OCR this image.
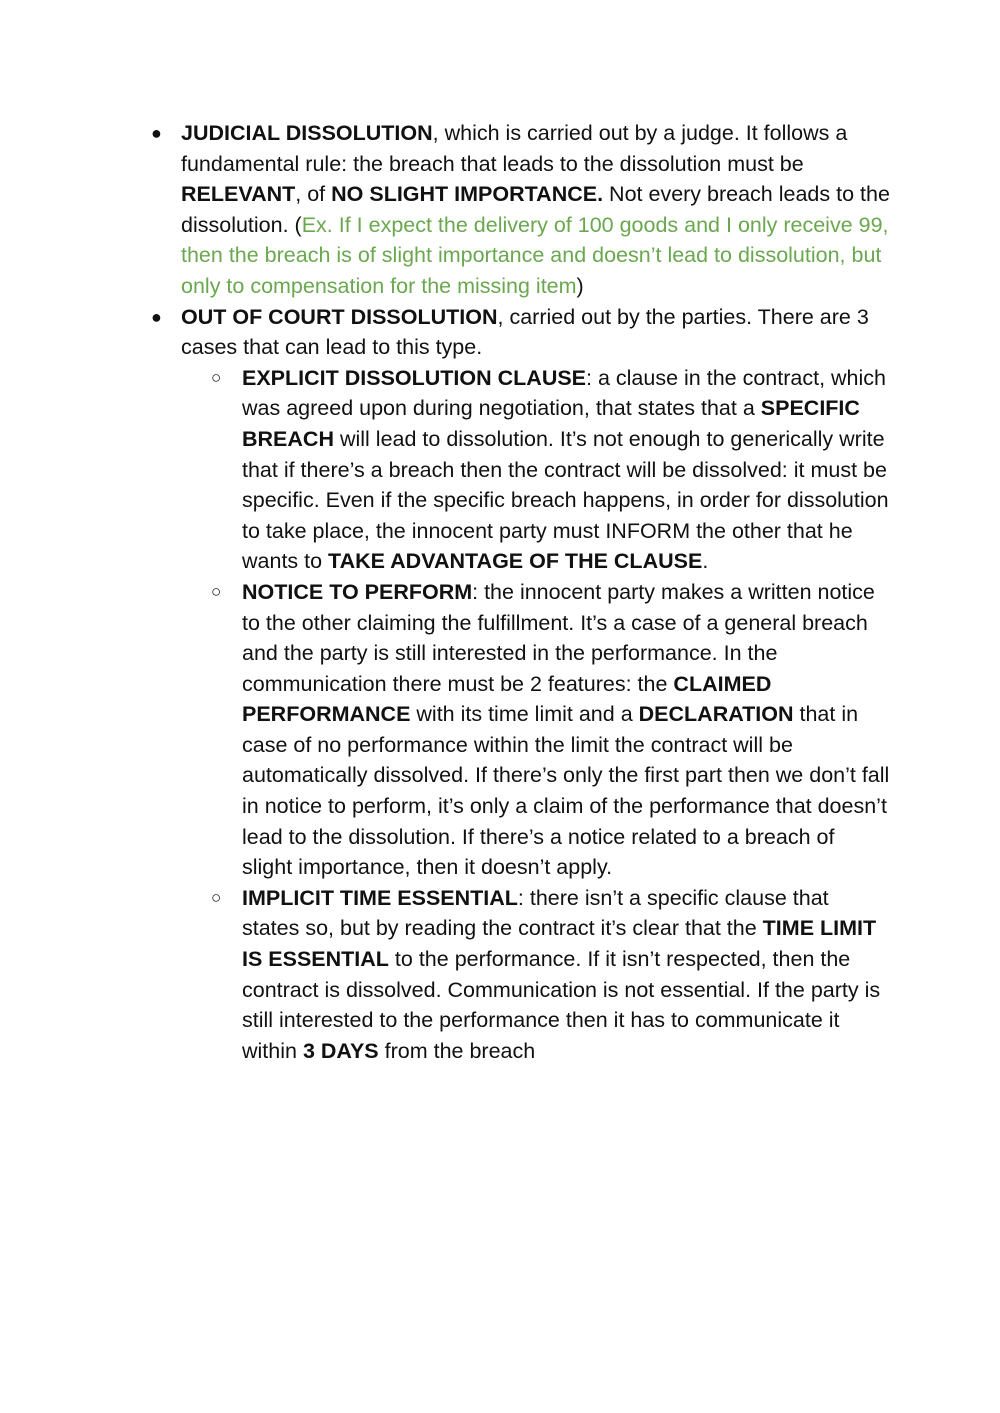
● JUDICIAL DISSOLUTION, which is carried out by a judge. It follows a fundamental rule: the breach that leads to the dissolution must be RELEVANT, of NO SLIGHT IMPORTANCE. Not every breach leads to the dissolution. (Ex. If I expect the delivery of 100 goods and I only receive 99, then the breach is of slight importance and doesn’t lead to dissolution, but only to compensation for the missing item)
● OUT OF COURT DISSOLUTION, carried out by the parties. There are 3 cases that can lead to this type.
○ EXPLICIT DISSOLUTION CLAUSE: a clause in the contract, which was agreed upon during negotiation, that states that a SPECIFIC BREACH will lead to dissolution. It’s not enough to generically write that if there’s a breach then the contract will be dissolved: it must be specific. Even if the specific breach happens, in order for dissolution to take place, the innocent party must INFORM the other that he wants to TAKE ADVANTAGE OF THE CLAUSE.
○ NOTICE TO PERFORM: the innocent party makes a written notice to the other claiming the fulfillment. It’s a case of a general breach and the party is still interested in the performance. In the communication there must be 2 features: the CLAIMED PERFORMANCE with its time limit and a DECLARATION that in case of no performance within the limit the contract will be automatically dissolved. If there’s only the first part then we don’t fall in notice to perform, it’s only a claim of the performance that doesn’t lead to the dissolution. If there’s a notice related to a breach of slight importance, then it doesn’t apply.
○ IMPLICIT TIME ESSENTIAL: there isn’t a specific clause that states so, but by reading the contract it’s clear that the TIME LIMIT IS ESSENTIAL to the performance. If it isn’t respected, then the contract is dissolved. Communication is not essential. If the party is still interested to the performance then it has to communicate it within 3 DAYS from the breach
